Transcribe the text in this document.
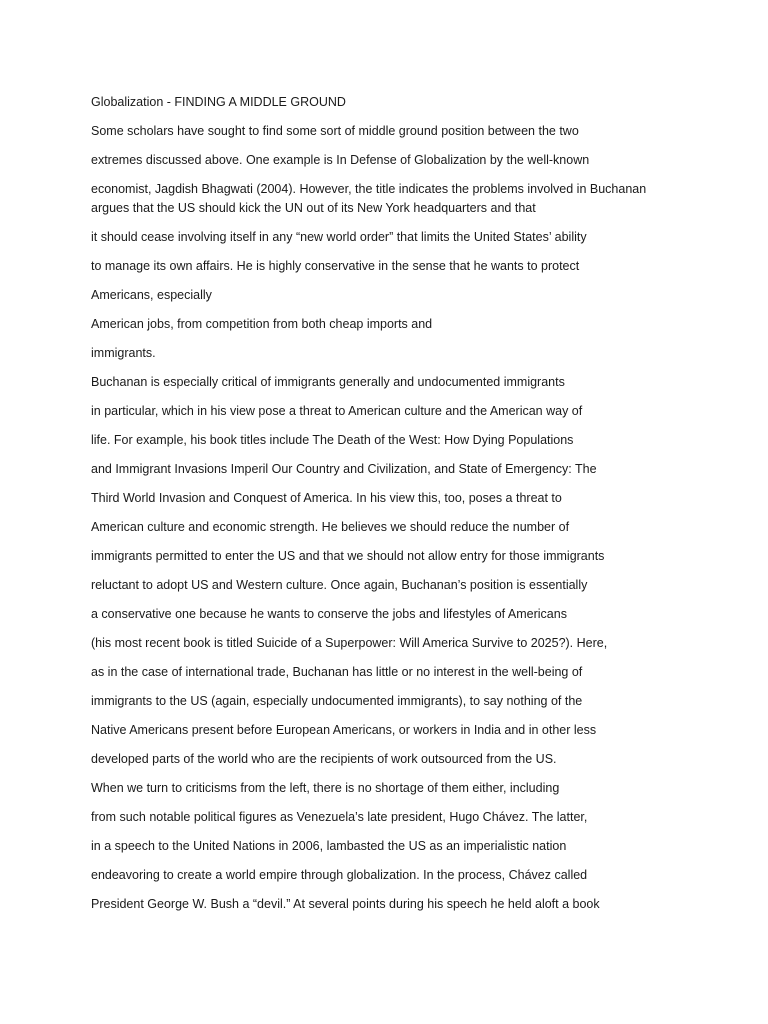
Globalization - FINDING A MIDDLE GROUND

Some scholars have sought to find some sort of middle ground position between the two

extremes discussed above. One example is In Defense of Globalization by the well-known

economist, Jagdish Bhagwati (2004). However, the title indicates the problems involved in Buchanan

argues that the US should kick the UN out of its New York headquarters and that

it should cease involving itself in any “new world order” that limits the United States’ ability

to manage its own affairs. He is highly conservative in the sense that he wants to protect

Americans, especially

American jobs, from competition from both cheap imports and

immigrants.

Buchanan is especially critical of immigrants generally and undocumented immigrants

in particular, which in his view pose a threat to American culture and the American way of

life. For example, his book titles include The Death of the West: How Dying Populations

and Immigrant Invasions Imperil Our Country and Civilization, and State of Emergency: The

Third World Invasion and Conquest of America. In his view this, too, poses a threat to

American culture and economic strength. He believes we should reduce the number of

immigrants permitted to enter the US and that we should not allow entry for those immigrants

reluctant to adopt US and Western culture. Once again, Buchanan’s position is essentially

a conservative one because he wants to conserve the jobs and lifestyles of Americans

(his most recent book is titled Suicide of a Superpower: Will America Survive to 2025?). Here,

as in the case of international trade, Buchanan has little or no interest in the well-being of

immigrants to the US (again, especially undocumented immigrants), to say nothing of the

Native Americans present before European Americans, or workers in India and in other less

developed parts of the world who are the recipients of work outsourced from the US.

When we turn to criticisms from the left, there is no shortage of them either, including

from such notable political figures as Venezuela’s late president, Hugo Chávez. The latter,

in a speech to the United Nations in 2006, lambasted the US as an imperialistic nation

endeavoring to create a world empire through globalization. In the process, Chávez called

President George W. Bush a “devil.” At several points during his speech he held aloft a book
